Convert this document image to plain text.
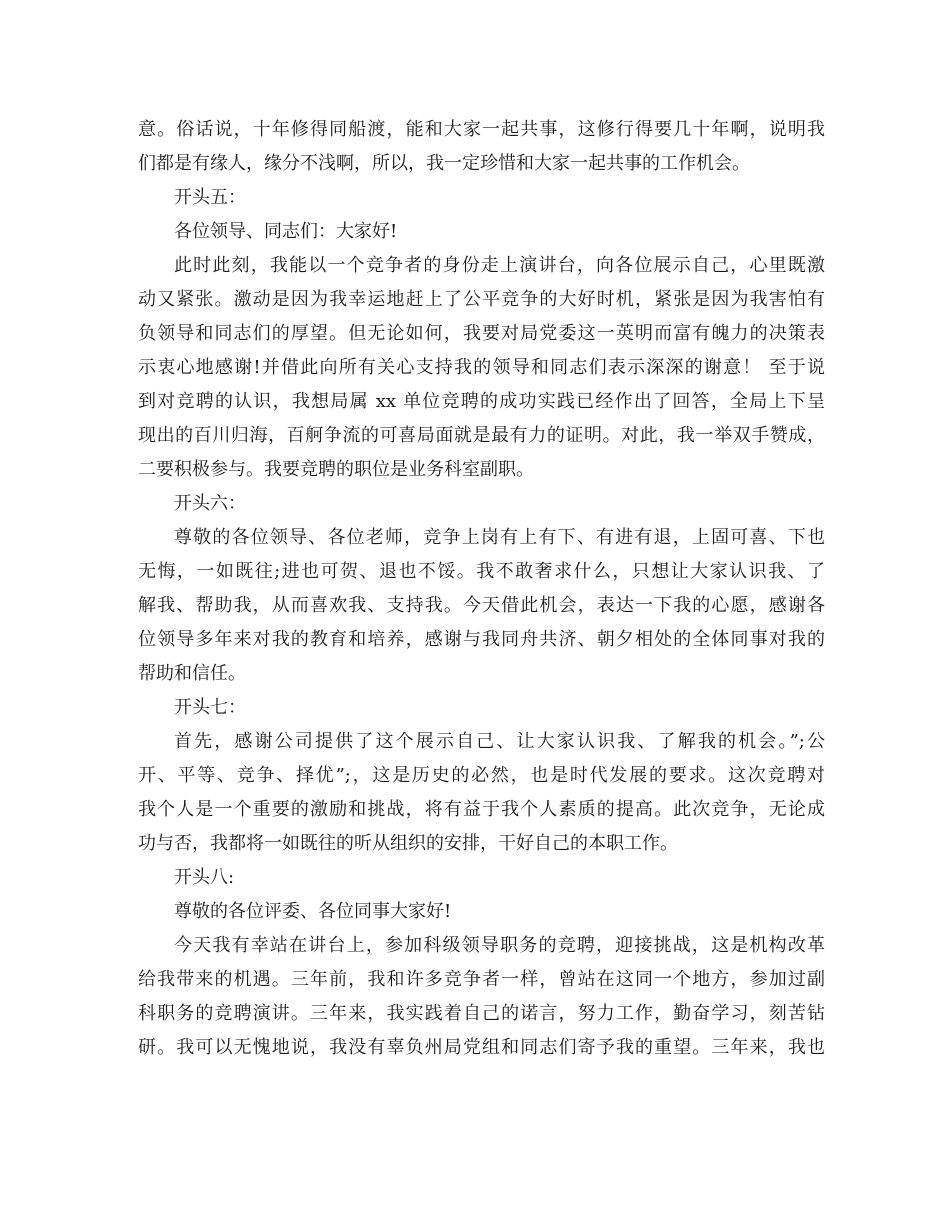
意。俗话说，十年修得同船渡，能和大家一起共事，这修行得要几十年啊，说明我
们都是有缘人，缘分不浅啊，所以，我一定珍惜和大家一起共事的工作机会。
开头五：
各位领导、同志们：大家好!
此时此刻，我能以一个竞争者的身份走上演讲台，向各位展示自己，心里既激
动又紧张。激动是因为我幸运地赶上了公平竞争的大好时机，紧张是因为我害怕有
负领导和同志们的厚望。但无论如何，我要对局党委这一英明而富有魄力的决策表
示衷心地感谢!并借此向所有关心支持我的领导和同志们表示深深的谢意！ 至于说
到对竞聘的认识，我想局属 xx 单位竞聘的成功实践已经作出了回答，全局上下呈
现出的百川归海，百舸争流的可喜局面就是最有力的证明。对此，我一举双手赞成，
二要积极参与。我要竞聘的职位是业务科室副职。
开头六：
尊敬的各位领导、各位老师，竞争上岗有上有下、有进有退，上固可喜、下也
无悔，一如既往;进也可贺、退也不馁。我不敢奢求什么，只想让大家认识我、了
解我、帮助我，从而喜欢我、支持我。今天借此机会，表达一下我的心愿，感谢各
位领导多年来对我的教育和培养，感谢与我同舟共济、朝夕相处的全体同事对我的
帮助和信任。
开头七：
首先，感谢公司提供了这个展示自己、让大家认识我、了解我的机会。”;公
开、平等、竞争、择优”;，这是历史的必然，也是时代发展的要求。这次竞聘对
我个人是一个重要的激励和挑战，将有益于我个人素质的提高。此次竞争，无论成
功与否，我都将一如既往的听从组织的安排，干好自己的本职工作。
开头八:
尊敬的各位评委、各位同事大家好!
今天我有幸站在讲台上，参加科级领导职务的竞聘，迎接挑战，这是机构改革
给我带来的机遇。三年前，我和许多竞争者一样，曾站在这同一个地方，参加过副
科职务的竞聘演讲。三年来，我实践着自己的诺言，努力工作，勤奋学习，刻苦钻
研。我可以无愧地说，我没有辜负州局党组和同志们寄予我的重望。三年来，我也
